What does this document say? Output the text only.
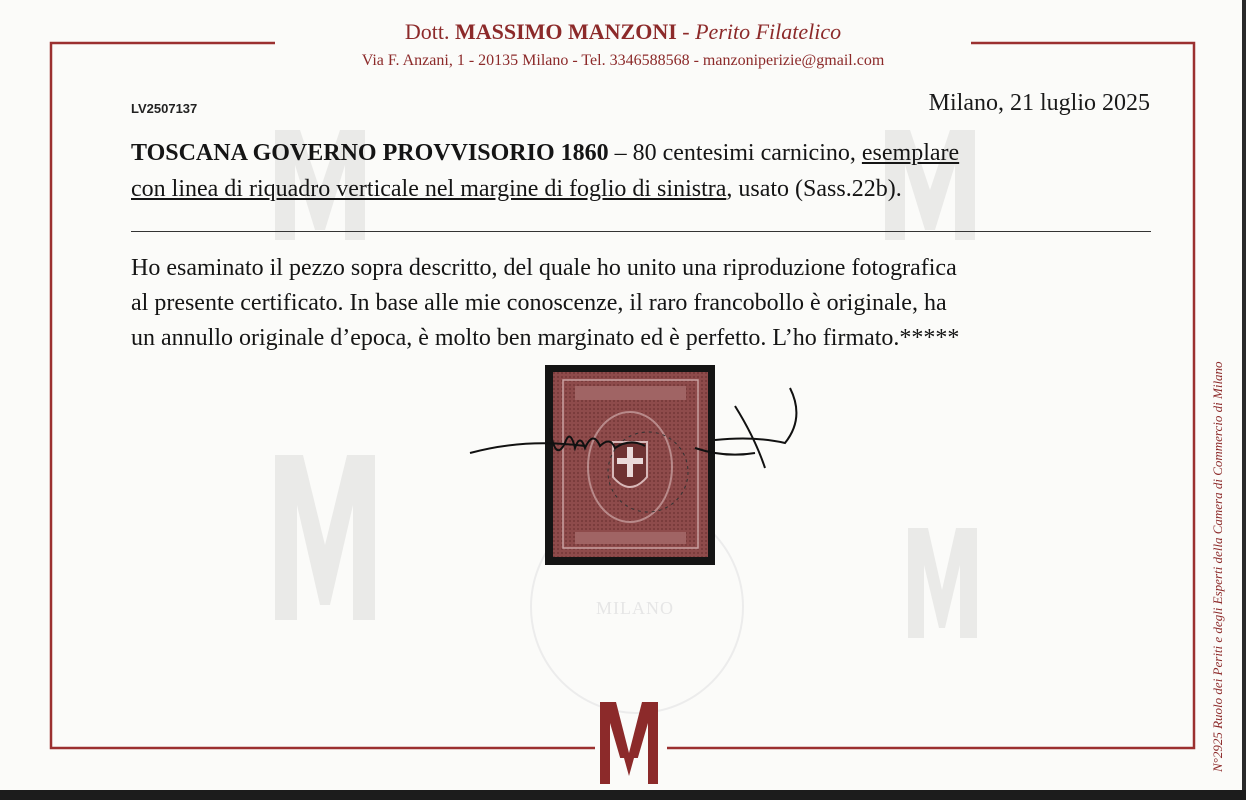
MILANO
Dott. MASSIMO MANZONI - Perito Filatelico
Via F. Anzani, 1 - 20135 Milano - Tel. 3346588568 - manzoniperizie@gmail.com
LV2507137	Milano, 21 luglio 2025
TOSCANA GOVERNO PROVVISORIO 1860 – 80 centesimi carnicino, esemplare
con linea di riquadro verticale nel margine di foglio di sinistra, usato (Sass.22b).
Ho esaminato il pezzo sopra descritto, del quale ho unito una riproduzione fotografica
al presente certificato. In base alle mie conoscenze, il raro francobollo è originale, ha
un annullo originale d’epoca, è molto ben marginato ed è perfetto. L’ho firmato.*****
N°2925 Ruolo dei Periti e degli Esperti della Camera di Commercio di Milano
